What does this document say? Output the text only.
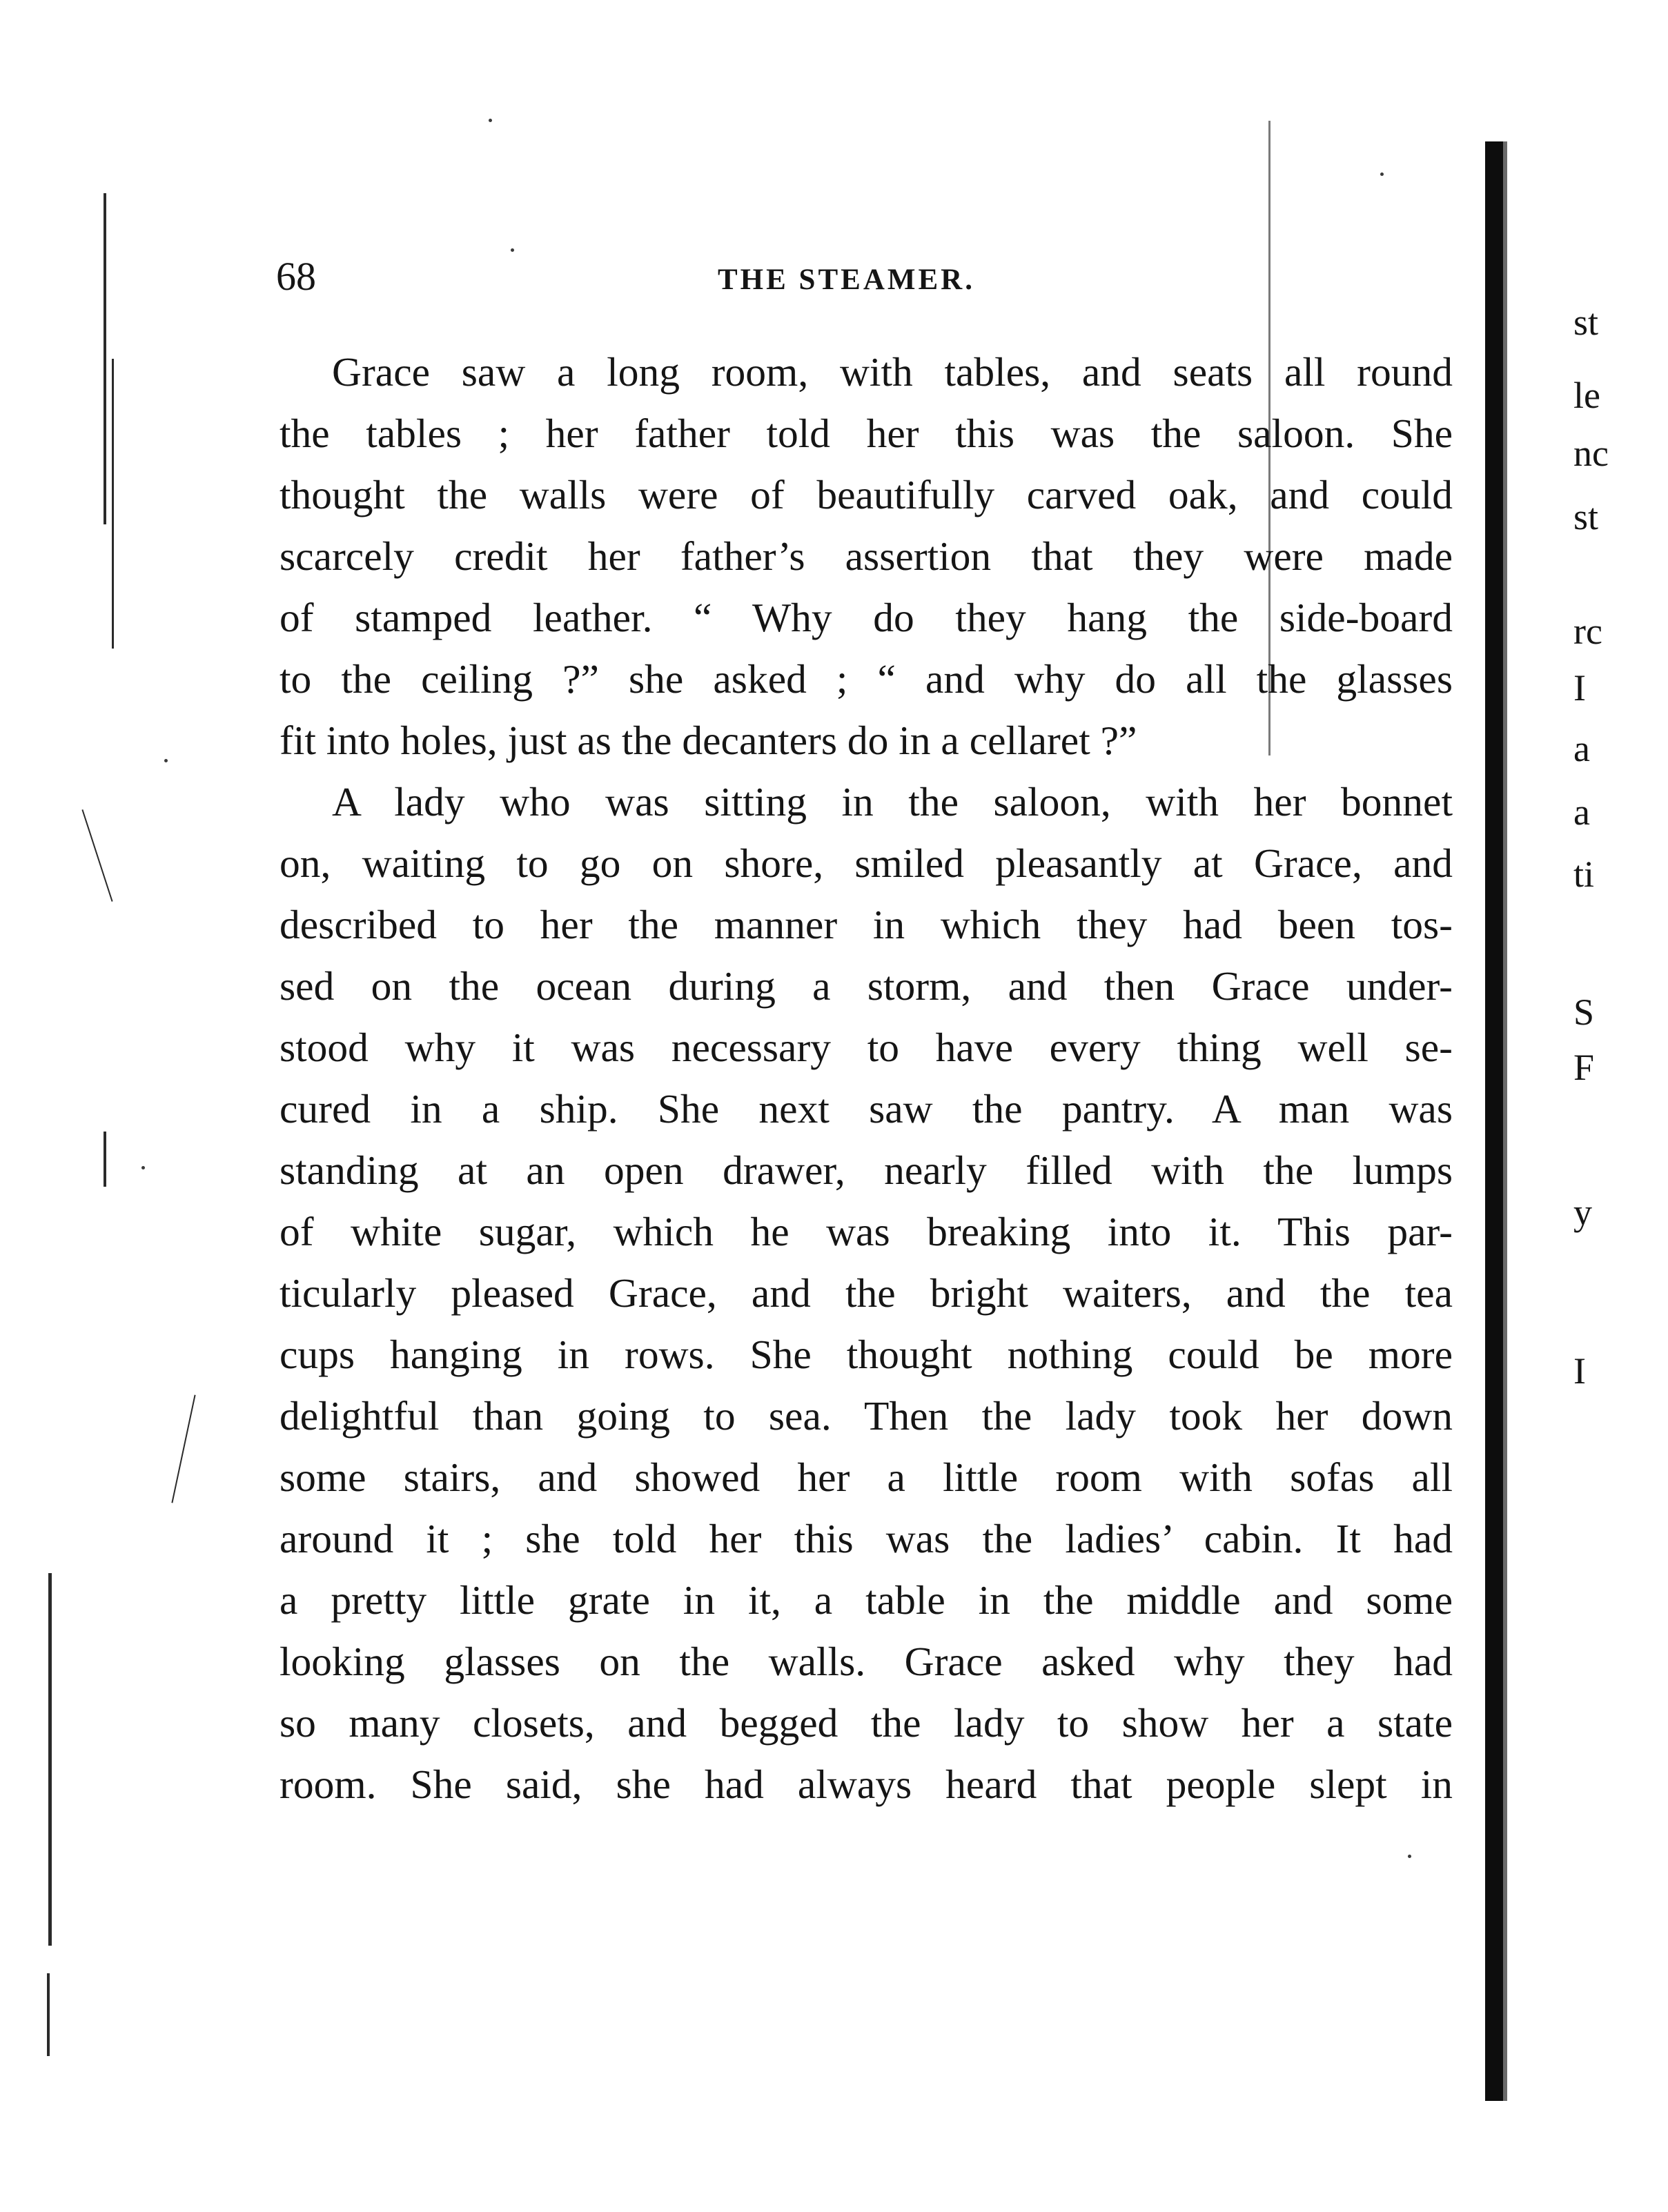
st
le
nc
st
rc
I
a
a
ti
S
F
y
I
68	THE STEAMER.
Grace saw a long room, with tables, and seats all round
the tables ; her father told her this was the saloon. She
thought the walls were of beautifully carved oak, and could
scarcely credit her father’s assertion that they were made
of stamped leather. “ Why do they hang the side-board
to the ceiling ?” she asked ; “ and why do all the glasses
fit into holes, just as the decanters do in a cellaret ?”
A lady who was sitting in the saloon, with her bonnet
on, waiting to go on shore, smiled pleasantly at Grace, and
described to her the manner in which they had been tos-
sed on the ocean during a storm, and then Grace under-
stood why it was necessary to have every thing well se-
cured in a ship. She next saw the pantry. A man was
standing at an open drawer, nearly filled with the lumps
of white sugar, which he was breaking into it. This par-
ticularly pleased Grace, and the bright waiters, and the tea
cups hanging in rows. She thought nothing could be more
delightful than going to sea. Then the lady took her down
some stairs, and showed her a little room with sofas all
around it ; she told her this was the ladies’ cabin. It had
a pretty little grate in it, a table in the middle and some
looking glasses on the walls. Grace asked why they had
so many closets, and begged the lady to show her a state
room. She said, she had always heard that people slept in
